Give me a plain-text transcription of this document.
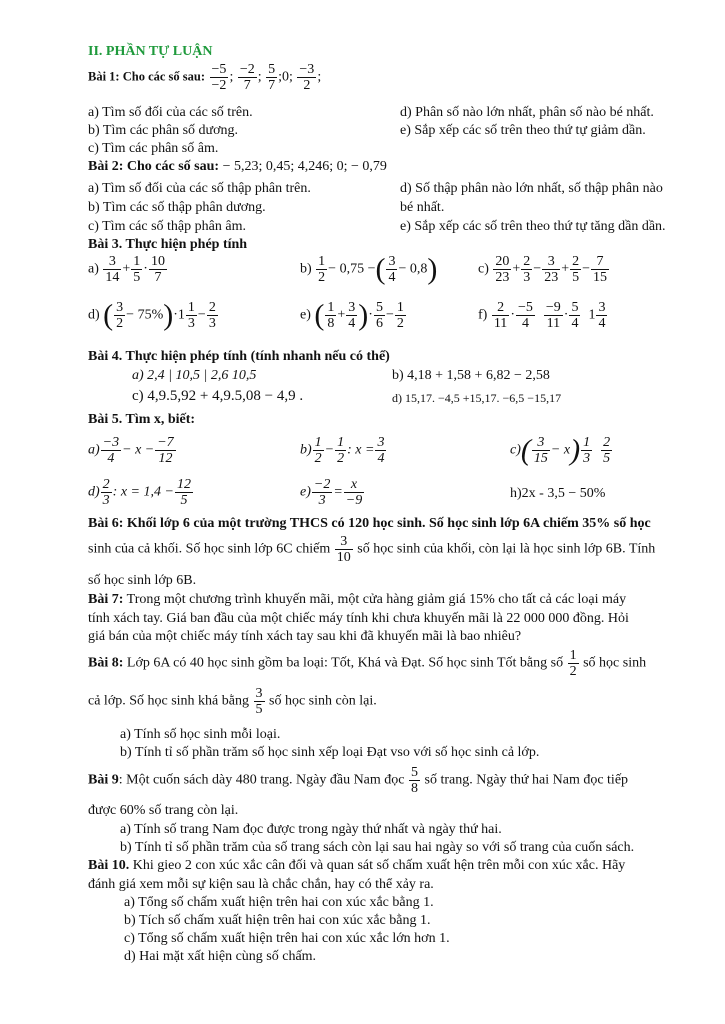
II. PHẦN TỰ LUẬN
Bài 1: Cho các số sau: $\frac{-5}{-2}$ ; $\frac{-2}{7}$ ; $\frac{5}{7}$ ;0; $\frac{-3}{2}$ ;
a) Tìm số đối của các số trên.
b) Tìm các phân số dương.
c) Tìm các phân số âm.
d) Phân số nào lớn nhất, phân số nào bé nhất.
e) Sắp xếp các số trên theo thứ tự giảm dần.
Bài 2: Cho các số sau: − 5,23; 0,45; 4,246; 0; − 0,79
a) Tìm số đối của các số thập phân trên.
b) Tìm các số thập phân dương.
c) Tìm các số thập phân âm.
d) Số thập phân nào lớn nhất, số thập phân nào
bé nhất.
e) Sắp xếp các số trên theo thứ tự tăng dần dần.
Bài 3. Thực hiện phép tính
$a) \frac{3}{14} + \frac{1}{5} \cdot \frac{10}{7}$	$b) \frac{1}{2} - 0,75$ −( $\frac{3}{4} - 0,8$)	$c) \frac{20}{23} + \frac{2}{3} - \frac{3}{23} + \frac{2}{5} - \frac{7}{15}$
d) ( $\frac{3}{2} - 75\%)\cdot 1 \frac{1}{3} - \frac{2}{3}$	e) ( $\frac{1}{8} + \frac{3}{4}$ )· $\frac{5}{6} - \frac{1}{2}$	$f) \frac{2}{11} \cdot \frac{-5}{4}$
$\frac{-9}{11} \cdot \frac{5}{4} 1 \frac{3}{4}$
Bài 4. Thực hiện phép tính (tính nhanh nếu có thể)
a) 2,4 | 10,5 | 2,6 10,5	b) 4,18 + 1,58 + 6,82 − 2,58
c) 4,9.5,92 + 4,9.5,08 − 4,9 .	d) 15,17. −4,5 +15,17. −6,5 −15,17
Bài 5. Tìm x, biết:
$a) \frac{-3}{4} - x - \frac{-7}{12}$	$b) \frac{1}{2} - \frac{1}{2}$ : $x = \frac{3}{4}$	$c)( \frac{3}{15} - x) \frac{1}{3}$
$\frac{2}{5}$
$d) \frac{2}{3}$ : $x = 1,4 - \frac{12}{5}$	$e) \frac{-2}{3} = \frac{x}{-9}$	h)2x - 3,5 − 50%
Bài 6: Khối lớp 6 của một trường THCS có 120 học sinh. Số học sinh lớp 6A chiếm 35% số học
sinh của cả khối. Số học sinh lớp 6C chiếm $\frac{3}{10}$ số học sinh của khối, còn lại là học sinh lớp 6B. Tính
số học sinh lớp 6B.
Bài 7: Trong một chương trình khuyến mãi, một cửa hàng giảm giá 15% cho tất cả các loại máy
tính xách tay. Giá ban đầu của một chiếc máy tính khi chưa khuyến mãi là 22 000 000 đồng. Hỏi
giá bán của một chiếc máy tính xách tay sau khi đã khuyến mãi là bao nhiêu?
Bài 8: Lớp 6A có 40 học sinh gồm ba loại: Tốt, Khá và Đạt. Số học sinh Tốt bằng số $\frac{1}{2}$ số học sinh
cả lớp. Số học sinh khá bằng $\frac{3}{5}$ số học sinh còn lại.
a) Tính số học sinh mỗi loại.
b) Tính tỉ số phần trăm số học sinh xếp loại Đạt vso với số học sinh cả lớp.
Bài 9: Một cuốn sách dày 480 trang. Ngày đầu Nam đọc $\frac{5}{8}$ số trang. Ngày thứ hai Nam đọc tiếp
được 60% số trang còn lại.
a) Tính số trang Nam đọc được trong ngày thứ nhất và ngày thứ hai.
b) Tính tỉ số phần trăm của số trang sách còn lại sau hai ngày so với số trang của cuốn sách.
Bài 10. Khi gieo 2 con xúc xắc cân đối và quan sát số chấm xuất hện trên mỗi con xúc xắc. Hãy
đánh giá xem mỗi sự kiện sau là chắc chắn, hay có thể xảy ra.
a) Tổng số chấm xuất hiện trên hai con xúc xắc bằng 1.
b) Tích số chấm xuất hiện trên hai con xúc xắc bằng 1.
c) Tổng số chấm xuất hiện trên hai con xúc xắc lớn hơn 1.
d) Hai mặt xất hiện cùng số chấm.
